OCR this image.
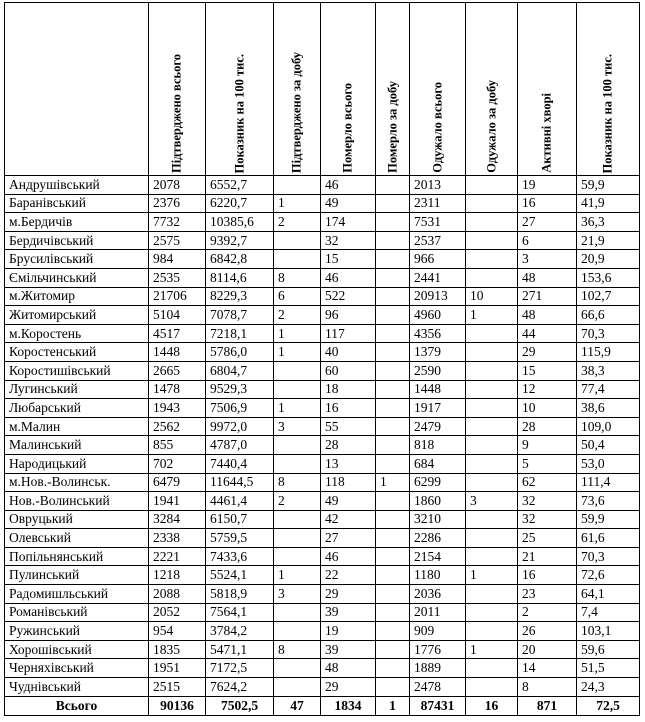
	Підтверджено всього	Показник на 100 тис.	Підтверджено за добу	Померло всього	Померло за добу	Одужало всього	Одужало за добу	Активні хворі	Показник на 100 тис.

Андрушівський	2078	6552,7		46		2013		19	59,9
Баранівський	2376	6220,7	1	49		2311		16	41,9
м.Бердичів	7732	10385,6	2	174		7531		27	36,3
Бердичівський	2575	9392,7		32		2537		6	21,9
Брусилівський	984	6842,8		15		966		3	20,9
Ємільчинський	2535	8114,6	8	46		2441		48	153,6
м.Житомир	21706	8229,3	6	522		20913	10	271	102,7
Житомирський	5104	7078,7	2	96		4960	1	48	66,6
м.Коростень	4517	7218,1	1	117		4356		44	70,3
Коростенський	1448	5786,0	1	40		1379		29	115,9
Коростишівський	2665	6804,7		60		2590		15	38,3
Лугинський	1478	9529,3		18		1448		12	77,4
Любарський	1943	7506,9	1	16		1917		10	38,6
м.Малин	2562	9972,0	3	55		2479		28	109,0
Малинський	855	4787,0		28		818		9	50,4
Народицький	702	7440,4		13		684		5	53,0
м.Нов.-Волинськ.	6479	11644,5	8	118	1	6299		62	111,4
Нов.-Волинський	1941	4461,4	2	49		1860	3	32	73,6
Овруцький	3284	6150,7		42		3210		32	59,9
Олевський	2338	5759,5		27		2286		25	61,6
Попільнянський	2221	7433,6		46		2154		21	70,3
Пулинський	1218	5524,1	1	22		1180	1	16	72,6
Радомишльський	2088	5818,9	3	29		2036		23	64,1
Романівський	2052	7564,1		39		2011		2	7,4
Ружинський	954	3784,2		19		909		26	103,1
Хорошівський	1835	5471,1	8	39		1776	1	20	59,6
Черняхівський	1951	7172,5		48		1889		14	51,5
Чуднівський	2515	7624,2		29		2478		8	24,3
Всього	90136	7502,5	47	1834	1	87431	16	871	72,5
